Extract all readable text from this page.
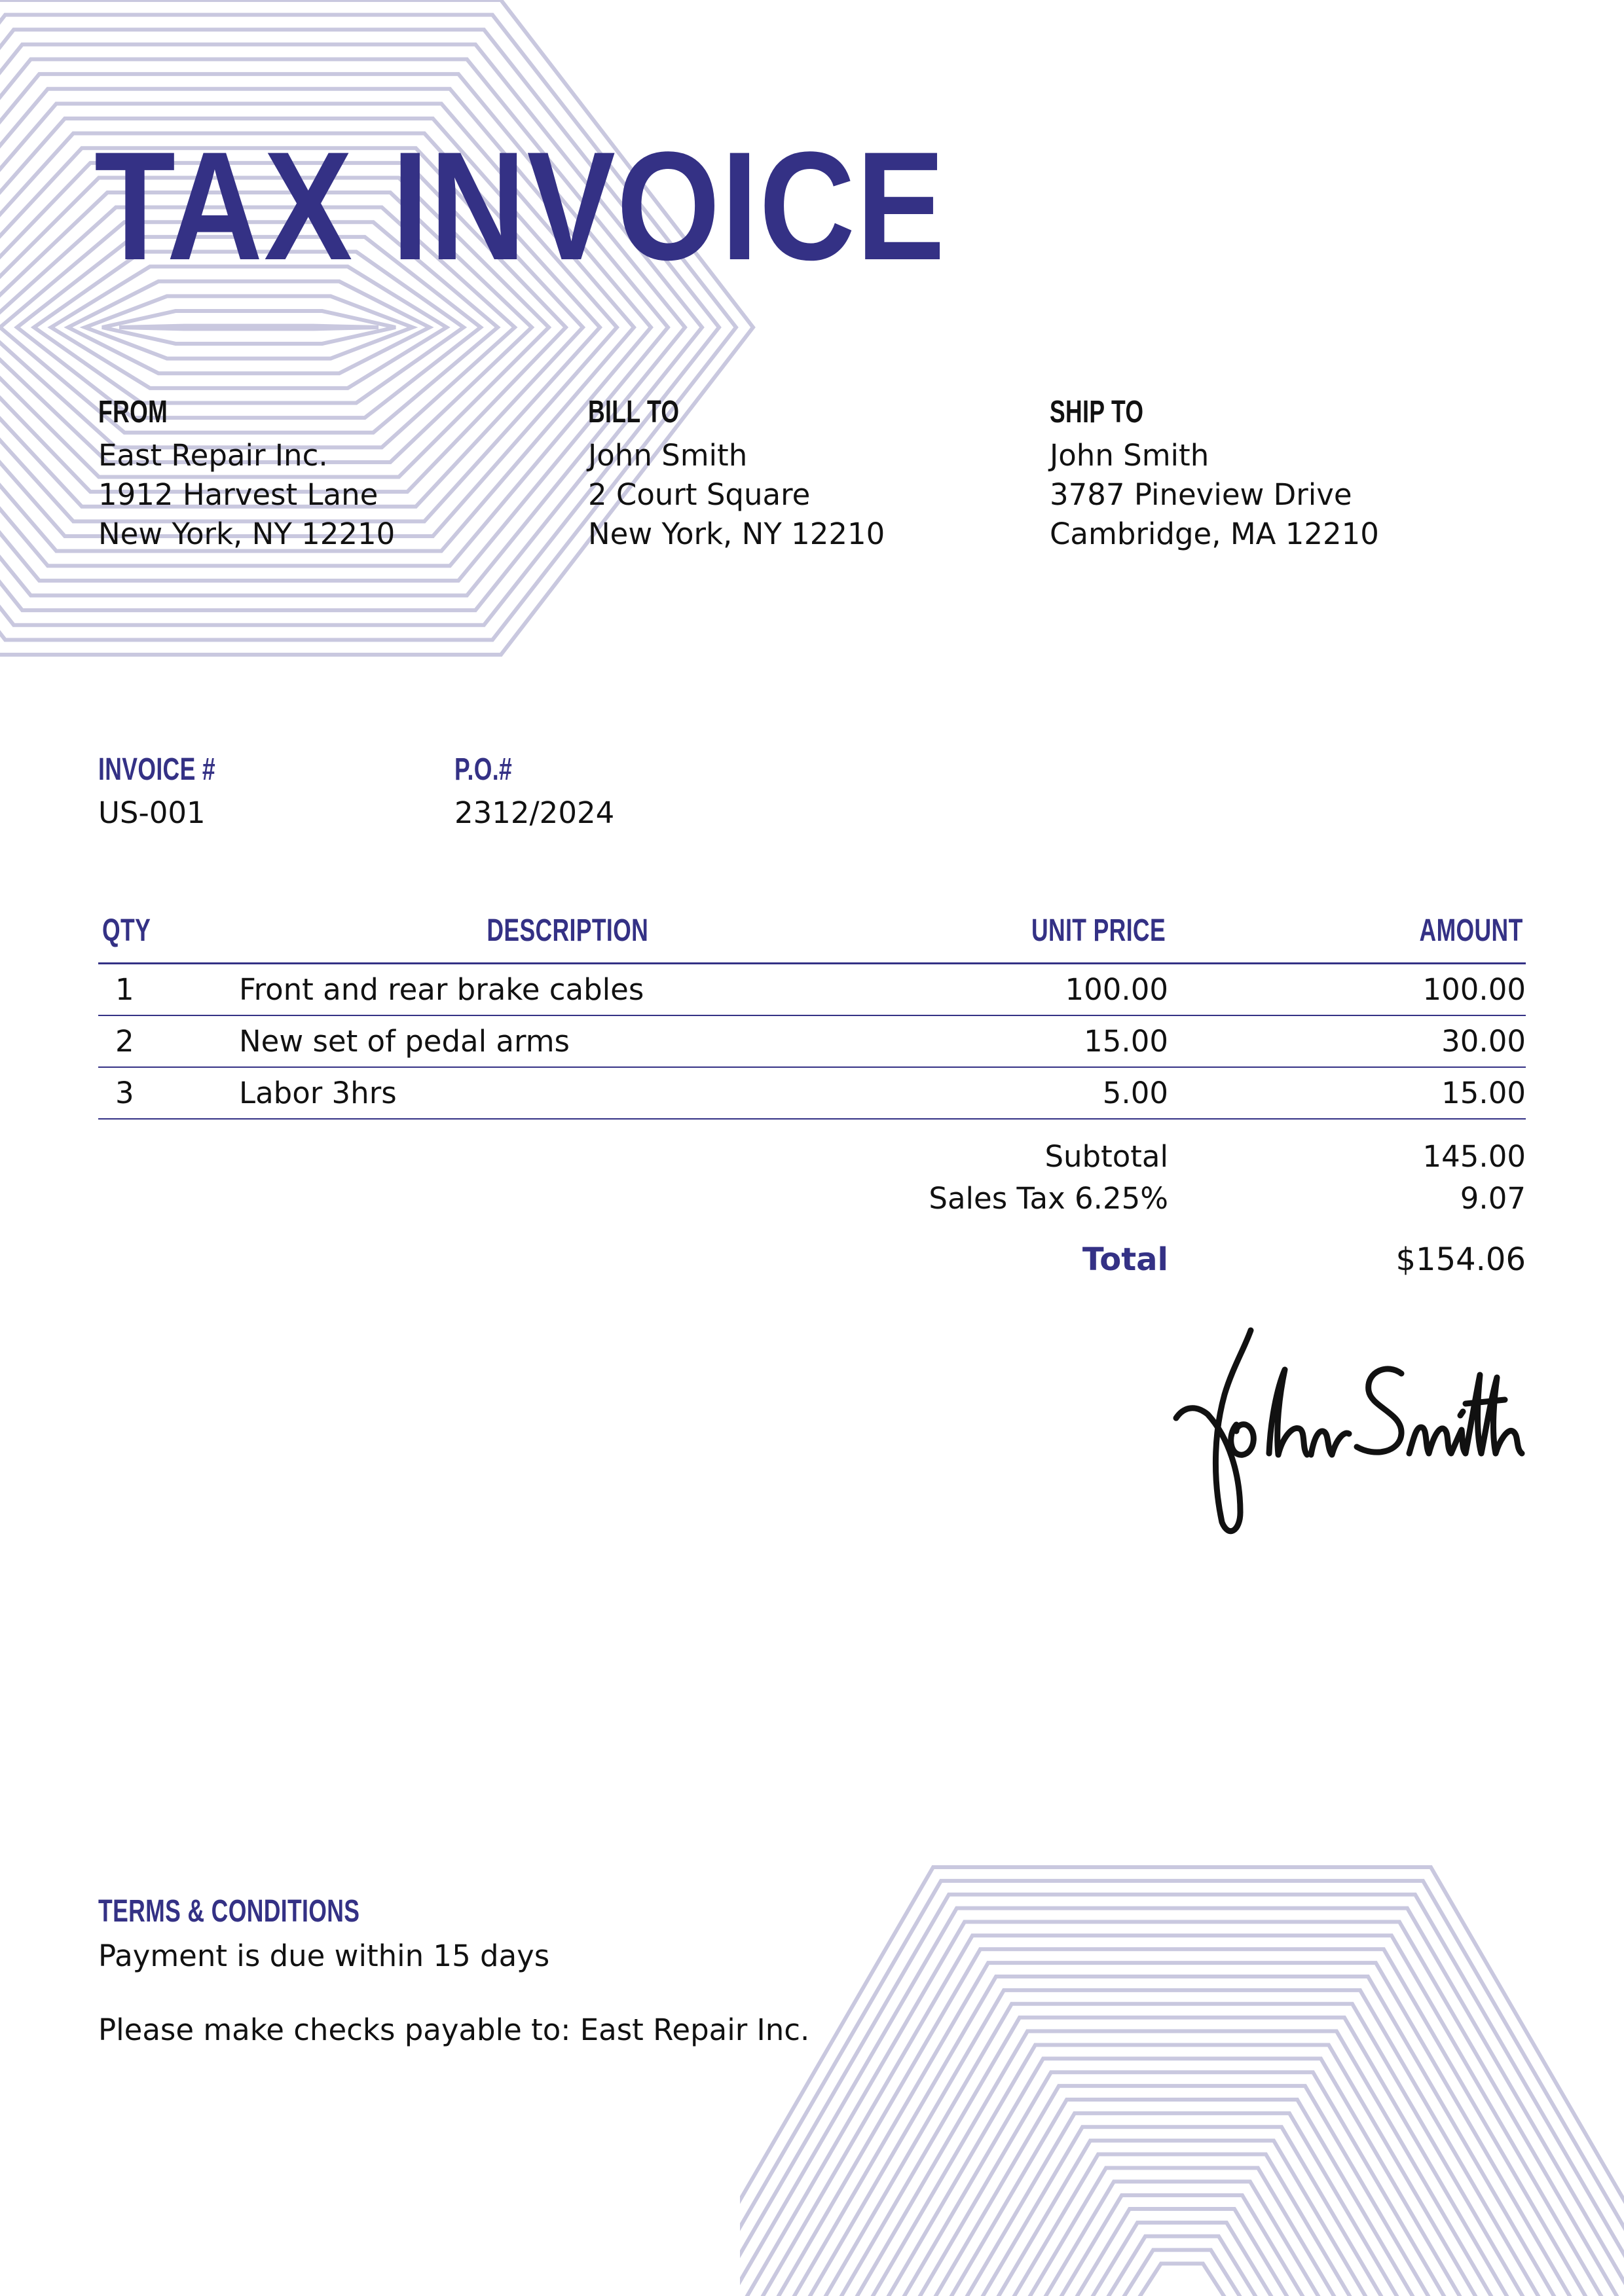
TAX INVOICE
FROM
East Repair Inc.
1912 Harvest Lane
New York, NY 12210
BILL TO
John Smith
2 Court Square
New York, NY 12210
SHIP TO
John Smith
3787 Pineview Drive
Cambridge, MA 12210
INVOICE #
US-001
P.O.#
2312/2024
QTY	DESCRIPTION	UNIT PRICE	AMOUNT
1	Front and rear brake cables	100.00	100.00
2	New set of pedal arms	15.00	30.00
3	Labor 3hrs	5.00	15.00
Subtotal	145.00
Sales Tax 6.25%	9.07
Total	$154.06
TERMS & CONDITIONS
Payment is due within 15 days
Please make checks payable to: East Repair Inc.
